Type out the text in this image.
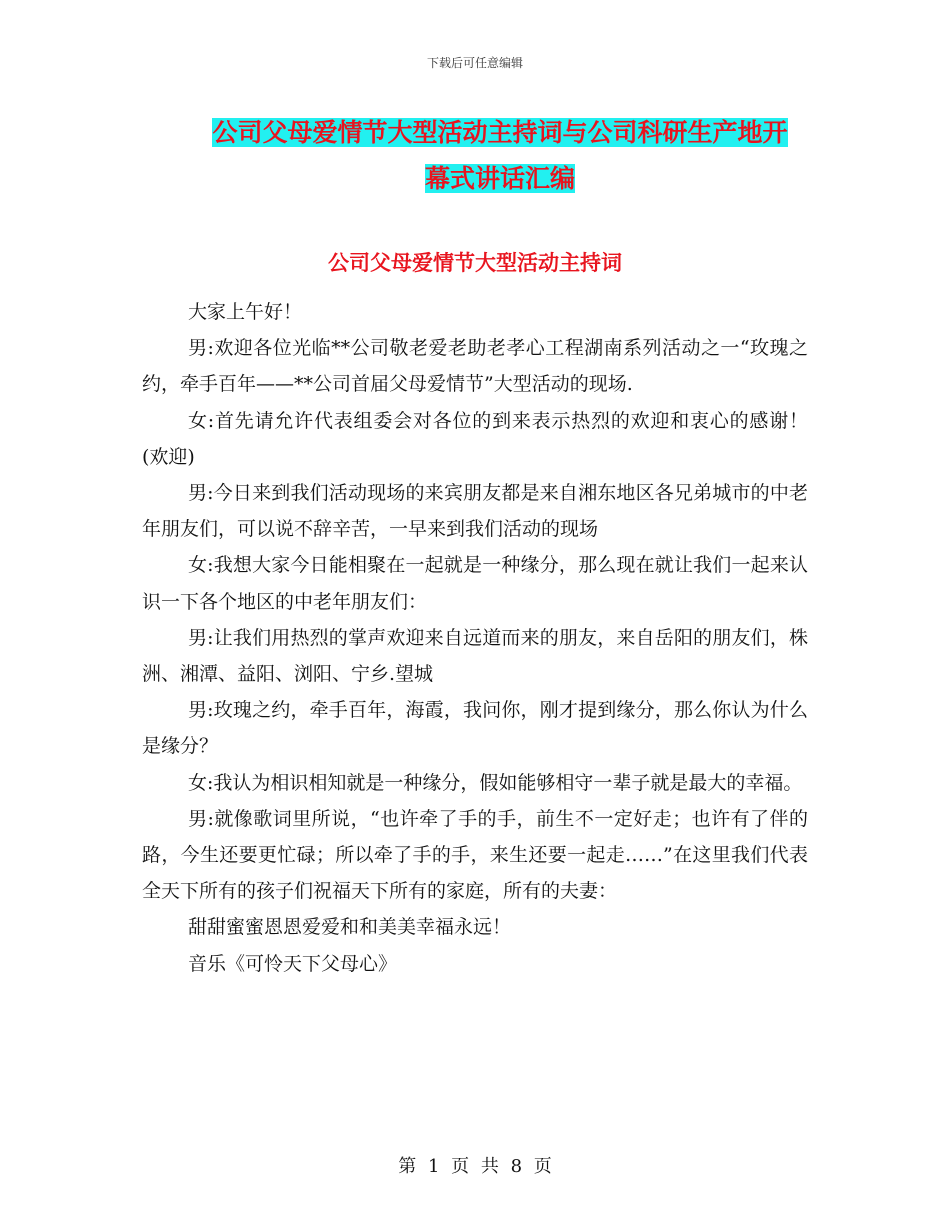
下载后可任意编辑
公司父母爱情节大型活动主持词与公司科研生产地开
幕式讲话汇编
公司父母爱情节大型活动主持词

大家上午好！

男:欢迎各位光临**公司敬老爱老助老孝心工程湖南系列活动之一“玫瑰之约，牵手百年——**公司首届父母爱情节”大型活动的现场.

女:首先请允许代表组委会对各位的到来表示热烈的欢迎和衷心的感谢！(欢迎)

男:今日来到我们活动现场的来宾朋友都是来自湘东地区各兄弟城市的中老年朋友们，可以说不辞辛苦，一早来到我们活动的现场

女:我想大家今日能相聚在一起就是一种缘分，那么现在就让我们一起来认识一下各个地区的中老年朋友们：

男:让我们用热烈的掌声欢迎来自远道而来的朋友，来自岳阳的朋友们，株洲、湘潭、益阳、浏阳、宁乡.望城

男:玫瑰之约，牵手百年，海霞，我问你，刚才提到缘分，那么你认为什么是缘分？

女:我认为相识相知就是一种缘分，假如能够相守一辈子就是最大的幸福。

男:就像歌词里所说，“也许牵了手的手，前生不一定好走；也许有了伴的路，今生还要更忙碌；所以牵了手的手，来生还要一起走……”在这里我们代表全天下所有的孩子们祝福天下所有的家庭，所有的夫妻：

甜甜蜜蜜恩恩爱爱和和美美幸福永远！

音乐《可怜天下父母心》

第 1 页 共 8 页
